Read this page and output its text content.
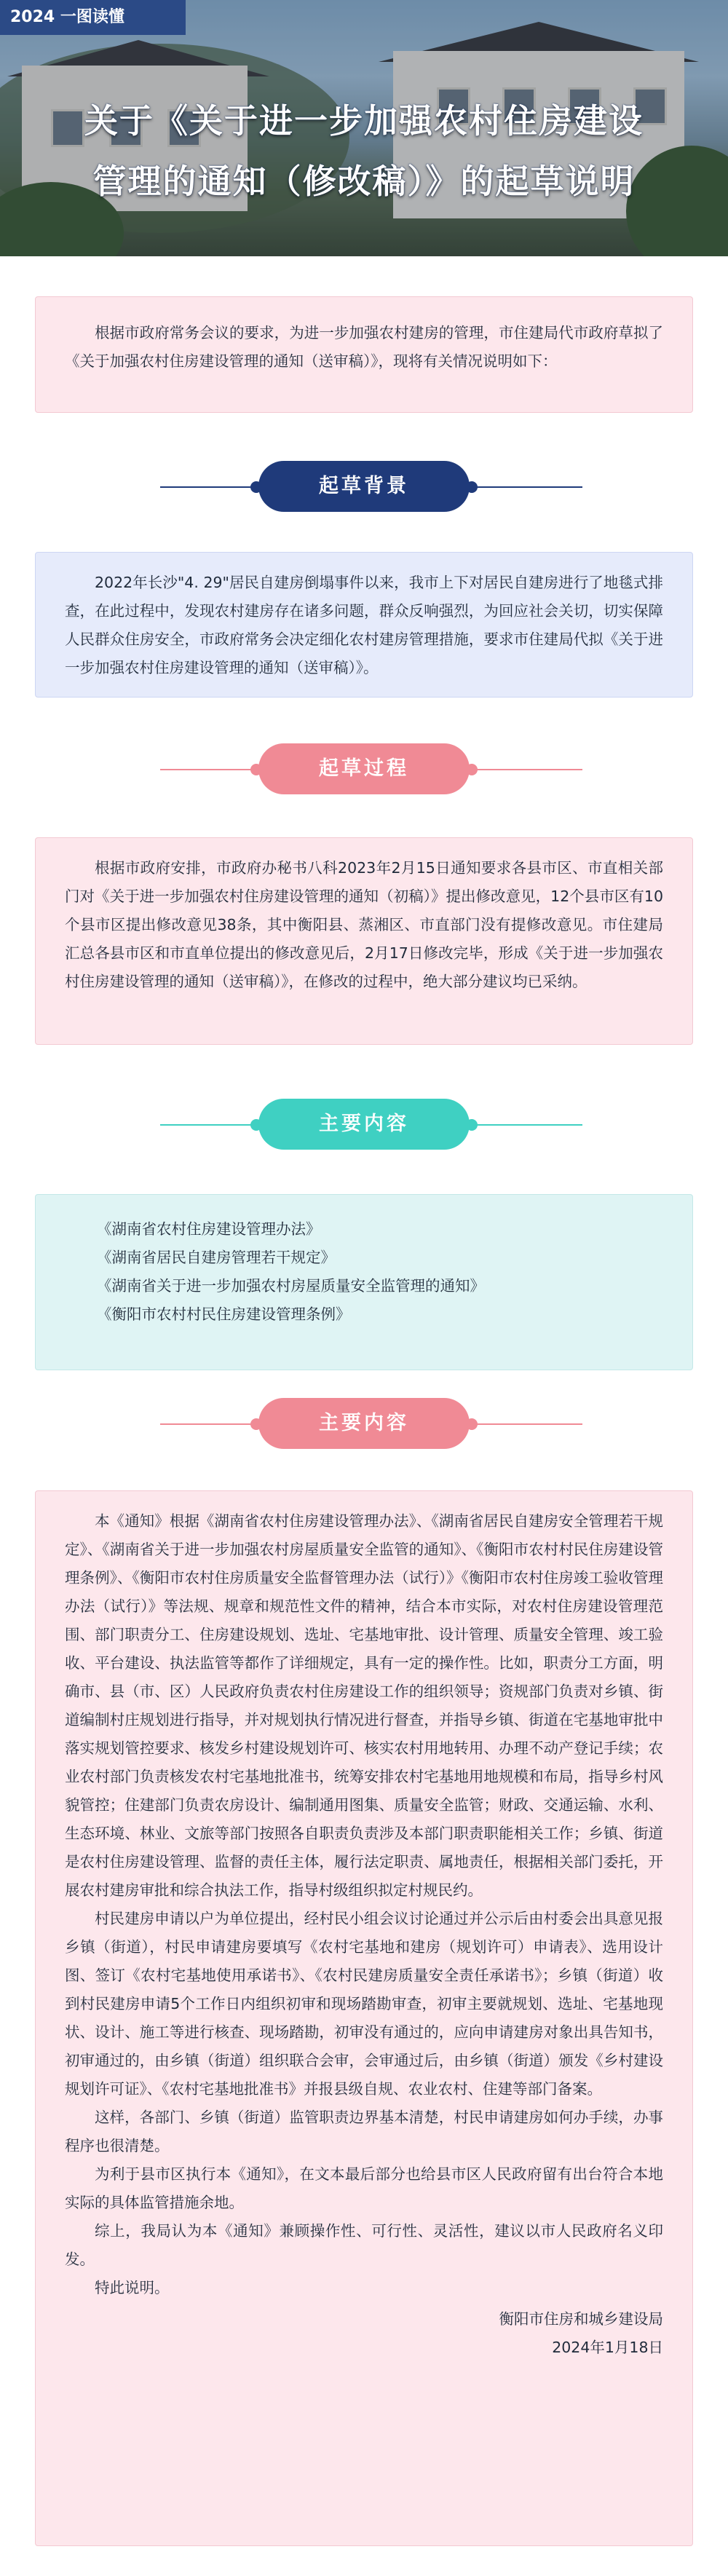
2024 一图读懂
关于《关于进一步加强农村住房建设
管理的通知（修改稿）》的起草说明

根据市政府常务会议的要求，为进一步加强农村建房的管理，市住建局代市政府草拟了《关于加强农村住房建设管理的通知（送审稿）》，现将有关情况说明如下：

起草背景

2022年长沙"4. 29"居民自建房倒塌事件以来，我市上下对居民自建房进行了地毯式排查，在此过程中，发现农村建房存在诸多问题，群众反响强烈，为回应社会关切，切实保障人民群众住房安全，市政府常务会决定细化农村建房管理措施，要求市住建局代拟《关于进一步加强农村住房建设管理的通知（送审稿）》。

起草过程

根据市政府安排，市政府办秘书八科2023年2月15日通知要求各县市区、市直相关部门对《关于进一步加强农村住房建设管理的通知（初稿）》提出修改意见，12个县市区有10个县市区提出修改意见38条，其中衡阳县、蒸湘区、市直部门没有提修改意见。市住建局汇总各县市区和市直单位提出的修改意见后，2月17日修改完毕，形成《关于进一步加强农村住房建设管理的通知（送审稿）》，在修改的过程中，绝大部分建议均已采纳。

主要内容

《湖南省农村住房建设管理办法》

《湖南省居民自建房管理若干规定》

《湖南省关于进一步加强农村房屋质量安全监管理的通知》

《衡阳市农村村民住房建设管理条例》

主要内容

本《通知》根据《湖南省农村住房建设管理办法》、《湖南省居民自建房安全管理若干规定》、《湖南省关于进一步加强农村房屋质量安全监管的通知》、《衡阳市农村村民住房建设管理条例》、《衡阳市农村住房质量安全监督管理办法（试行）》《衡阳市农村住房竣工验收管理办法（试行）》等法规、规章和规范性文件的精神，结合本市实际，对农村住房建设管理范围、部门职责分工、住房建设规划、选址、宅基地审批、设计管理、质量安全管理、竣工验收、平台建设、执法监管等都作了详细规定，具有一定的操作性。比如，职责分工方面，明确市、县（市、区）人民政府负责农村住房建设工作的组织领导；资规部门负责对乡镇、街道编制村庄规划进行指导，并对规划执行情况进行督查，并指导乡镇、街道在宅基地审批中落实规划管控要求、核发乡村建设规划许可、核实农村用地转用、办理不动产登记手续；农业农村部门负责核发农村宅基地批准书，统筹安排农村宅基地用地规模和布局，指导乡村风貌管控；住建部门负责农房设计、编制通用图集、质量安全监管；财政、交通运输、水利、生态环境、林业、文旅等部门按照各自职责负责涉及本部门职责职能相关工作；乡镇、街道是农村住房建设管理、监督的责任主体，履行法定职责、属地责任，根据相关部门委托，开展农村建房审批和综合执法工作，指导村级组织拟定村规民约。

村民建房申请以户为单位提出，经村民小组会议讨论通过并公示后由村委会出具意见报乡镇（街道），村民申请建房要填写《农村宅基地和建房（规划许可）申请表》、选用设计图、签订《农村宅基地使用承诺书》、《农村民建房质量安全责任承诺书》；乡镇（街道）收到村民建房申请5个工作日内组织初审和现场踏勘审查，初审主要就规划、选址、宅基地现状、设计、施工等进行核查、现场踏勘，初审没有通过的，应向申请建房对象出具告知书，初审通过的，由乡镇（街道）组织联合会审，会审通过后，由乡镇（街道）颁发《乡村建设规划许可证》、《农村宅基地批准书》并报县级自规、农业农村、住建等部门备案。

这样，各部门、乡镇（街道）监管职责边界基本清楚，村民申请建房如何办手续，办事程序也很清楚。

为利于县市区执行本《通知》，在文本最后部分也给县市区人民政府留有出台符合本地实际的具体监管措施余地。

综上，我局认为本《通知》兼顾操作性、可行性、灵活性，建议以市人民政府名义印发。

特此说明。

衡阳市住房和城乡建设局

2024年1月18日
